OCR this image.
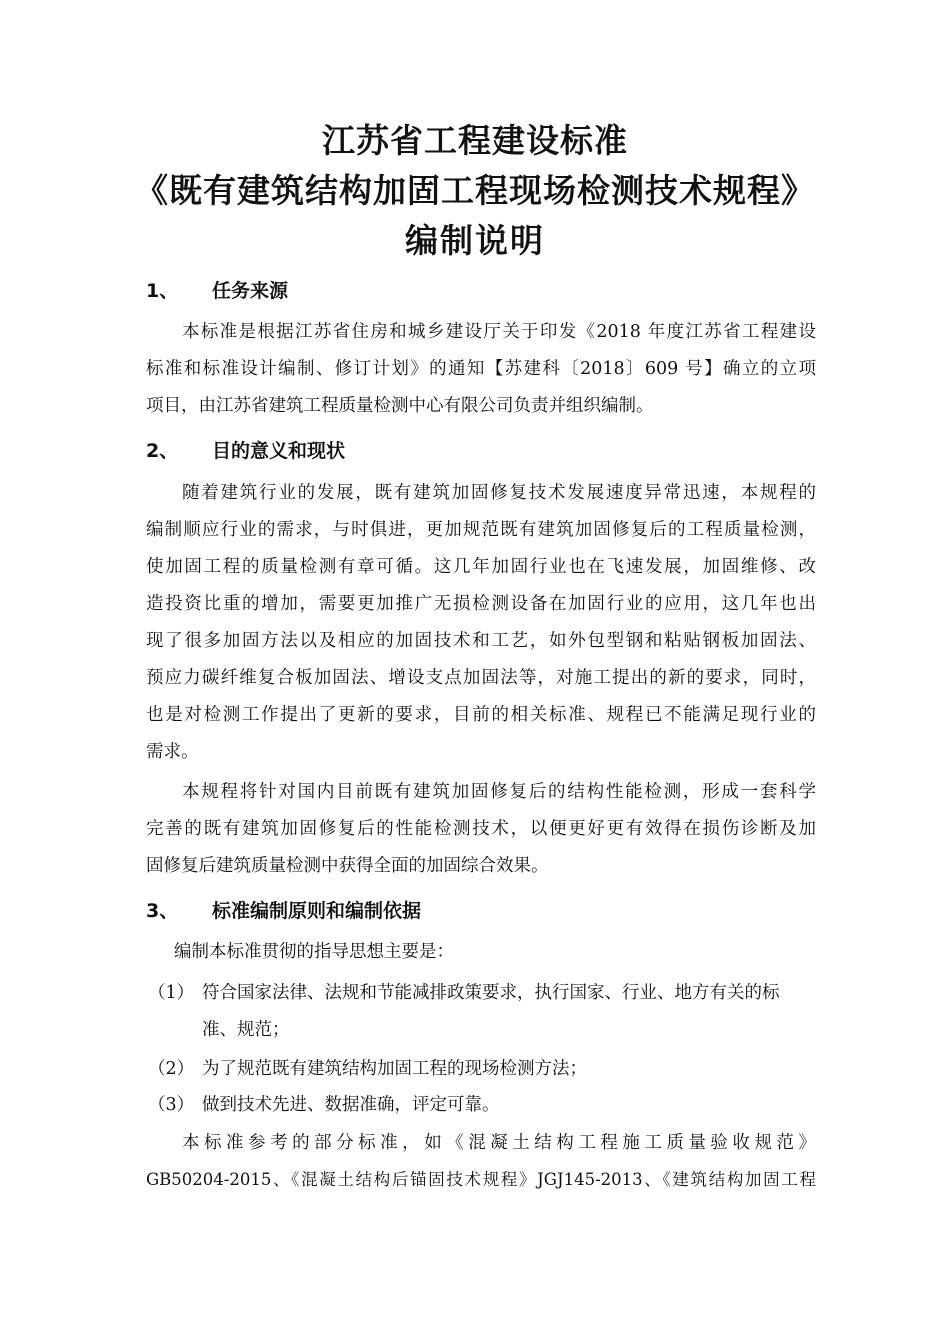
江苏省工程建设标准
《既有建筑结构加固工程现场检测技术规程》
编制说明
1、 任务来源
本标准是根据江苏省住房和城乡建设厅关于印发《2018 年度江苏省工程建设
标准和标准设计编制、修订计划》的通知【苏建科〔2018〕609 号】确立的立项
项目，由江苏省建筑工程质量检测中心有限公司负责并组织编制。
2、 目的意义和现状
随着建筑行业的发展，既有建筑加固修复技术发展速度异常迅速，本规程的
编制顺应行业的需求，与时俱进，更加规范既有建筑加固修复后的工程质量检测，
使加固工程的质量检测有章可循。这几年加固行业也在飞速发展，加固维修、改
造投资比重的增加，需要更加推广无损检测设备在加固行业的应用，这几年也出
现了很多加固方法以及相应的加固技术和工艺，如外包型钢和粘贴钢板加固法、
预应力碳纤维复合板加固法、增设支点加固法等，对施工提出的新的要求，同时，
也是对检测工作提出了更新的要求，目前的相关标准、规程已不能满足现行业的
需求。
本规程将针对国内目前既有建筑加固修复后的结构性能检测，形成一套科学
完善的既有建筑加固修复后的性能检测技术，以便更好更有效得在损伤诊断及加
固修复后建筑质量检测中获得全面的加固综合效果。
3、 标准编制原则和编制依据
编制本标准贯彻的指导思想主要是：
（1） 符合国家法律、法规和节能减排政策要求，执行国家、行业、地方有关的标
准、规范；
（2） 为了规范既有建筑结构加固工程的现场检测方法；
（3） 做到技术先进、数据准确，评定可靠。
本标准参考的部分标准，如《混凝土结构工程施工质量验收规范》
GB50204-2015、《混凝土结构后锚固技术规程》JGJ145-2013、《建筑结构加固工程
